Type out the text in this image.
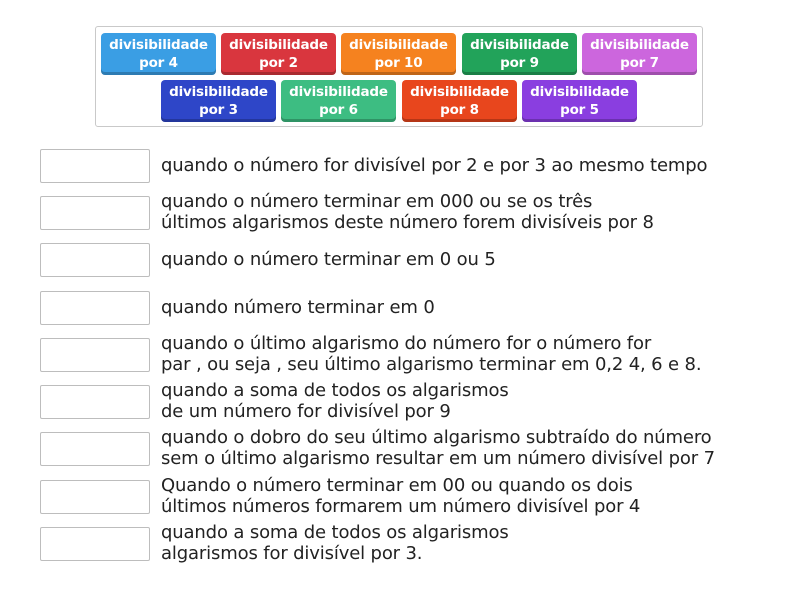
divisibilidade
por 4
divisibilidade
por 2
divisibilidade
por 10
divisibilidade
por 9
divisibilidade
por 7
divisibilidade
por 3
divisibilidade
por 6
divisibilidade
por 8
divisibilidade
por 5
quando o número for divisível por 2 e por 3 ao mesmo tempo
quando o número terminar em 000 ou se os três
últimos algarismos deste número forem divisíveis por 8
quando o número terminar em 0 ou 5
quando número terminar em 0
quando o último algarismo do número for o número for
par , ou seja , seu último algarismo terminar em 0,2 4, 6 e 8.
quando a soma de todos os algarismos
de um número for divisível por 9
quando o dobro do seu último algarismo subtraído do número
sem o último algarismo resultar em um número divisível por 7
Quando o número terminar em 00 ou quando os dois
últimos números formarem um número divisível por 4
quando a soma de todos os algarismos
algarismos for divisível por 3.
